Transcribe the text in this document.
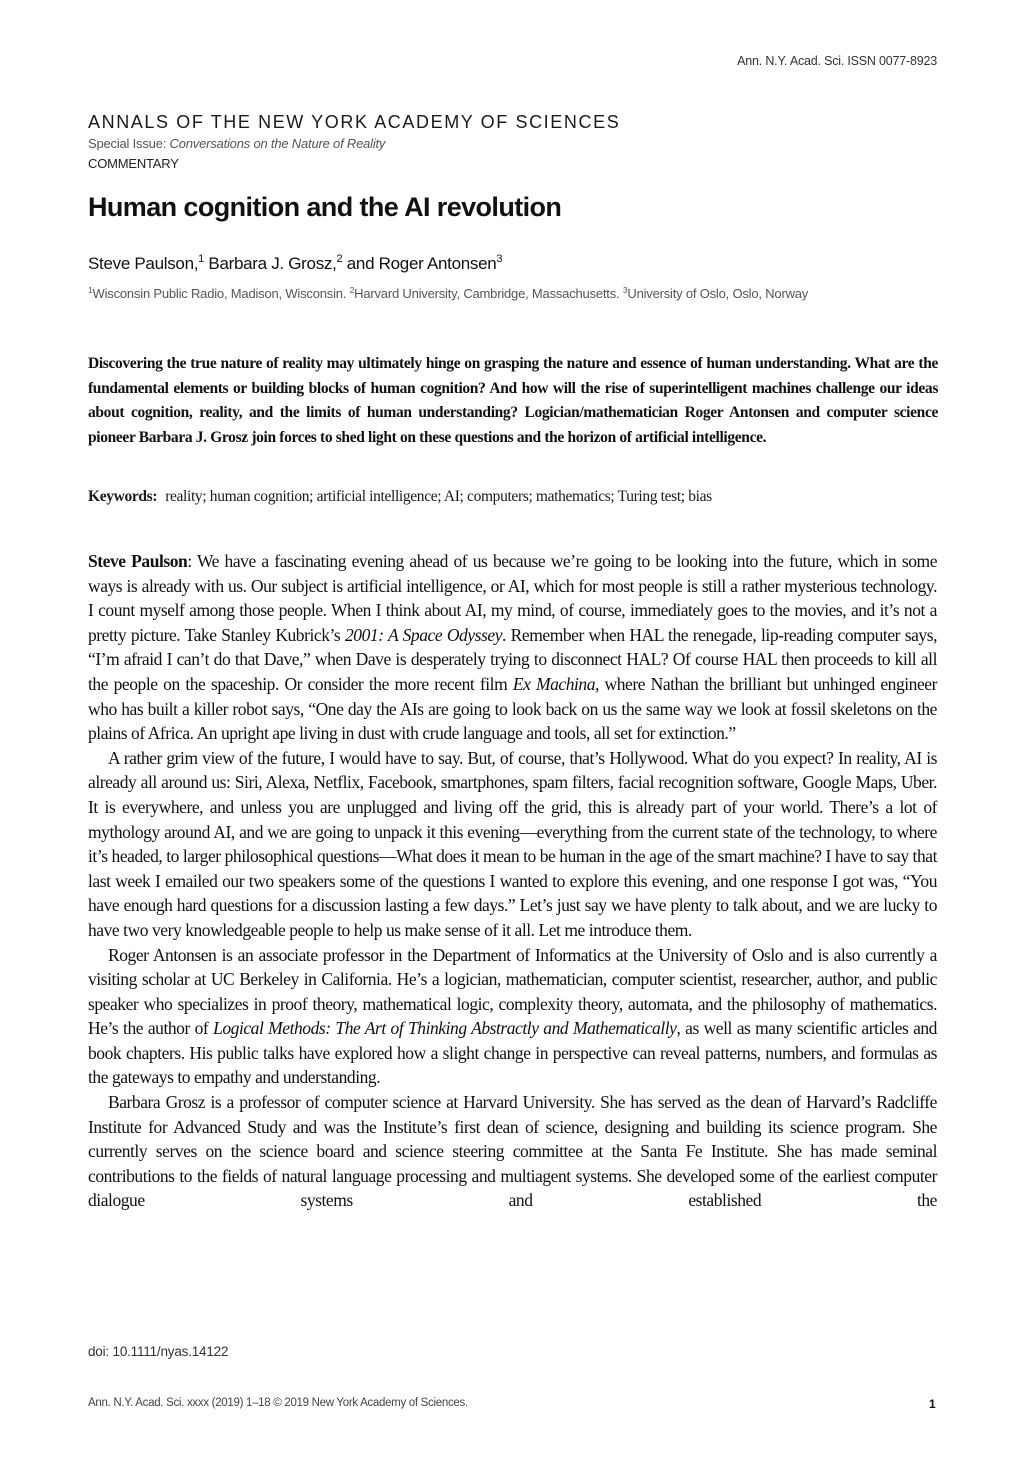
Ann. N.Y. Acad. Sci. ISSN 0077-8923
ANNALS OF THE NEW YORK ACADEMY OF SCIENCES
Special Issue: Conversations on the Nature of Reality
COMMENTARY
Human cognition and the AI revolution
Steve Paulson,$^1$ Barbara J. Grosz,$^2$ and Roger Antonsen$^3$
$^1$Wisconsin Public Radio, Madison, Wisconsin. $^2$Harvard University, Cambridge, Massachusetts. $^3$University of Oslo, Oslo, Norway

Discovering the true nature of reality may ultimately hinge on grasping the nature and essence of human understanding. What are the fundamental elements or building blocks of human cognition? And how will the rise of superintelligent machines challenge our ideas about cognition, reality, and the limits of human understanding? Logician/mathematician Roger Antonsen and computer science pioneer Barbara J. Grosz join forces to shed light on these questions and the horizon of artificial intelligence.

Keywords: reality; human cognition; artificial intelligence; AI; computers; mathematics; Turing test; bias

Steve Paulson: We have a fascinating evening ahead of us because we’re going to be looking into the future, which in some ways is already with us. Our subject is artificial intelligence, or AI, which for most people is still a rather mysterious technology. I count myself among those people. When I think about AI, my mind, of course, immediately goes to the movies, and it’s not a pretty picture. Take Stanley Kubrick’s 2001: A Space Odyssey. Remember when HAL the renegade, lip-reading computer says, “I’m afraid I can’t do that Dave,” when Dave is desperately trying to disconnect HAL? Of course HAL then proceeds to kill all the people on the spaceship. Or consider the more recent film Ex Machina, where Nathan the brilliant but unhinged engineer who has built a killer robot says, “One day the AIs are going to look back on us the same way we look at fossil skeletons on the plains of Africa. An upright ape living in dust with crude language and tools, all set for extinction.”

A rather grim view of the future, I would have to say. But, of course, that’s Hollywood. What do you expect? In reality, AI is already all around us: Siri, Alexa, Netflix, Facebook, smartphones, spam filters, facial recognition software, Google Maps, Uber. It is everywhere, and unless you are unplugged and living off the grid, this is already part of your world. There’s a lot of mythology around AI, and we are going to unpack it this evening—everything from the current state of the technology, to where it’s headed, to larger philosophical questions—What does it mean to be human in the age of the smart machine? I have to say that last week I emailed our two speakers some of the questions I wanted to explore this evening, and one response I got was, “You have enough hard questions for a discussion lasting a few days.” Let’s just say we have plenty to talk about, and we are lucky to have two very knowledgeable people to help us make sense of it all. Let me introduce them.

Roger Antonsen is an associate professor in the Department of Informatics at the University of Oslo and is also currently a visiting scholar at UC Berkeley in California. He’s a logician, mathematician, computer scientist, researcher, author, and public speaker who specializes in proof theory, mathematical logic, complexity theory, automata, and the philosophy of mathematics. He’s the author of Logical Methods: The Art of Thinking Abstractly and Mathematically, as well as many scientific articles and book chapters. His public talks have explored how a slight change in perspective can reveal patterns, numbers, and formulas as the gateways to empathy and understanding.

Barbara Grosz is a professor of computer science at Harvard University. She has served as the dean of Harvard’s Radcliffe Institute for Advanced Study and was the Institute’s first dean of science, designing and building its science program. She currently serves on the science board and science steering committee at the Santa Fe Institute. She has made seminal contributions to the fields of natural language processing and multiagent systems. She developed some of the earliest computer dialogue systems and established the

doi: 10.1111/nyas.14122
Ann. N.Y. Acad. Sci. xxxx (2019) 1–18 © 2019 New York Academy of Sciences.	1
